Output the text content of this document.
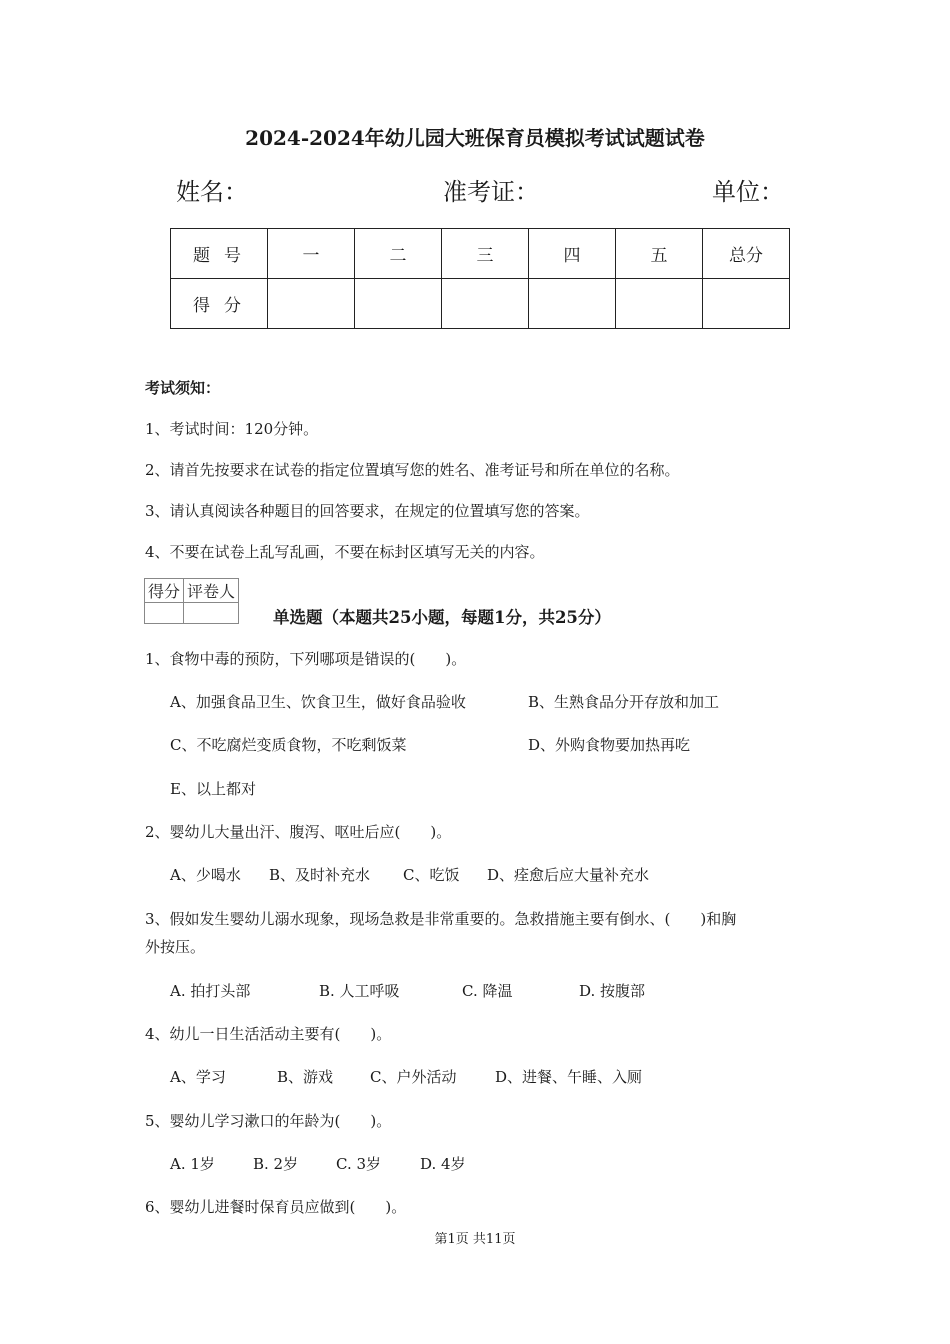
2024-2024年幼儿园大班保育员模拟考试试题试卷
姓名：	准考证：	单位：
题号	一	二	三	四	五	总分
得分						
考试须知：
1、考试时间：120分钟。
2、请首先按要求在试卷的指定位置填写您的姓名、准考证号和所在单位的名称。
3、请认真阅读各种题目的回答要求，在规定的位置填写您的答案。
4、不要在试卷上乱写乱画，不要在标封区填写无关的内容。
得分	评卷人

单选题（本题共25小题，每题1分，共25分）
1、食物中毒的预防，下列哪项是错误的(　　)。
A、加强食品卫生、饮食卫生，做好食品验收	B、生熟食品分开存放和加工
C、不吃腐烂变质食物，不吃剩饭菜	D、外购食物要加热再吃
E、以上都对
2、婴幼儿大量出汗、腹泻、呕吐后应(　　)。
A、少喝水 B、及时补充水 C、吃饭 D、痊愈后应大量补充水
3、假如发生婴幼儿溺水现象，现场急救是非常重要的。急救措施主要有倒水、(　　)和胸
外按压。
A. 拍打头部	B. 人工呼吸	C. 降温	D. 按腹部
4、幼儿一日生活活动主要有(　　)。
A、学习	B、游戏 C、户外活动	D、进餐、午睡、入厕
5、婴幼儿学习漱口的年龄为(　　)。
A. 1岁	B. 2岁	C. 3岁	D. 4岁
6、婴幼儿进餐时保育员应做到(　　)。
第1页 共11页
